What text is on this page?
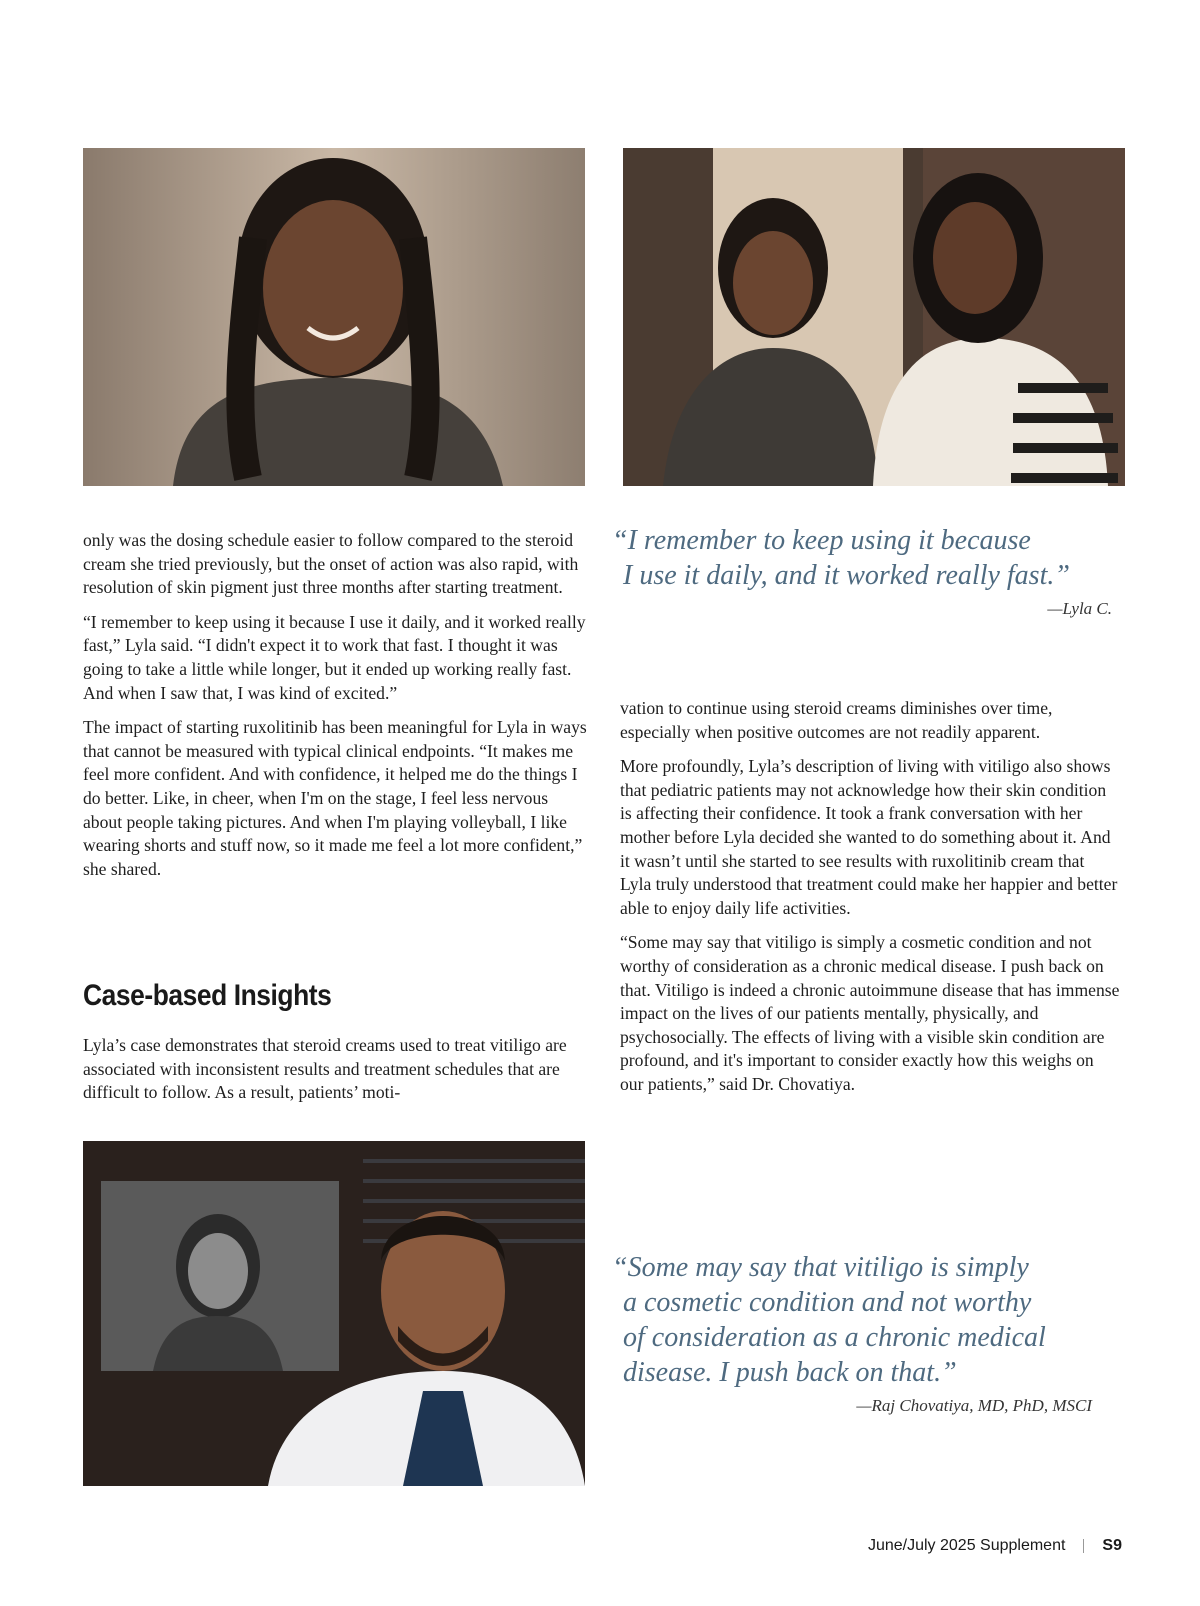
only was the dosing schedule easier to follow compared to the steroid cream she tried previously, but the onset of action was also rapid, with resolution of skin pigment just three months after starting treatment.

“I remember to keep using it because I use it daily, and it worked really fast,” Lyla said. “I didn't expect it to work that fast. I thought it was going to take a little while longer, but it ended up working really fast. And when I saw that, I was kind of excited.”

The impact of starting ruxolitinib has been meaningful for Lyla in ways that cannot be measured with typical clinical endpoints. “It makes me feel more confident. And with confidence, it helped me do the things I do better. Like, in cheer, when I'm on the stage, I feel less nervous about people taking pictures. And when I'm playing volleyball, I like wearing shorts and stuff now, so it made me feel a lot more confident,” she shared.

Case-based Insights

Lyla’s case demonstrates that steroid creams used to treat vitiligo are associated with inconsistent results and treatment schedules that are difficult to follow. As a result, patients’ moti-

“I remember to keep using it because
I use it daily, and it worked really fast.”

—Lyla C.

vation to continue using steroid creams diminishes over time, especially when positive outcomes are not readily apparent.

More profoundly, Lyla’s description of living with vitiligo also shows that pediatric patients may not acknowledge how their skin condition is affecting their confidence. It took a frank conversation with her mother before Lyla decided she wanted to do something about it. And it wasn’t until she started to see results with ruxolitinib cream that Lyla truly understood that treatment could make her happier and better able to enjoy daily life activities.

“Some may say that vitiligo is simply a cosmetic condition and not worthy of consideration as a chronic medical disease. I push back on that. Vitiligo is indeed a chronic autoimmune disease that has immense impact on the lives of our patients mentally, physically, and psychosocially. The effects of living with a visible skin condition are profound, and it's important to consider exactly how this weighs on our patients,” said Dr. Chovatiya.

“Some may say that vitiligo is simply
a cosmetic condition and not worthy
of consideration as a chronic medical
disease. I push back on that.”

—Raj Chovatiya, MD, PhD, MSCI

June/July 2025 Supplement S9
